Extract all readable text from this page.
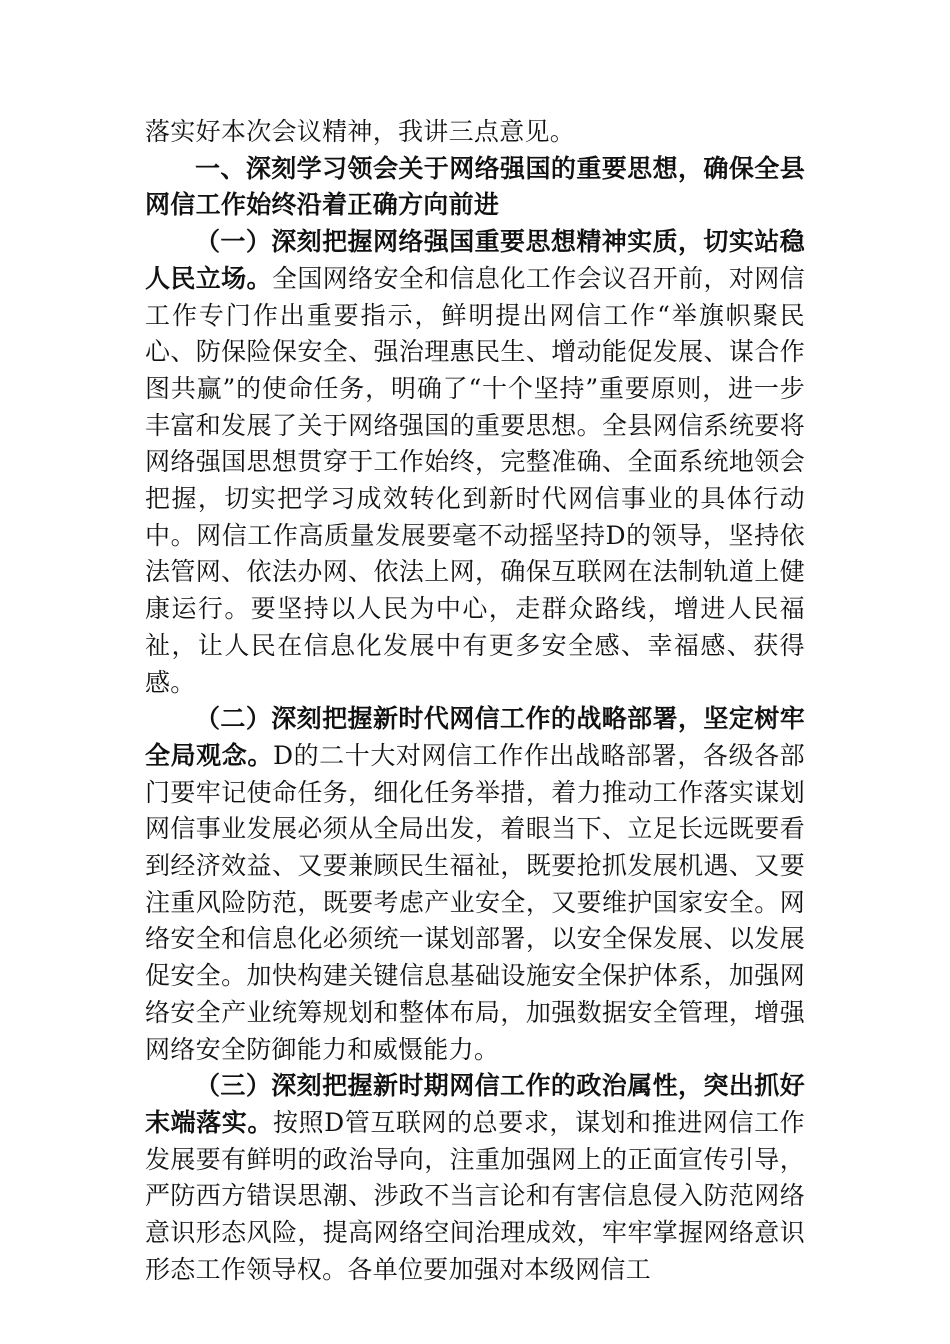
落实好本次会议精神，我讲三点意见。

一、深刻学习领会关于网络强国的重要思想，确保全县网信工作始终沿着正确方向前进

（一）深刻把握网络强国重要思想精神实质，切实站稳人民立场。全国网络安全和信息化工作会议召开前，对网信工作专门作出重要指示，鲜明提出网信工作“举旗帜聚民心、防保险保安全、强治理惠民生、增动能促发展、谋合作图共赢”的使命任务，明确了“十个坚持”重要原则，进一步丰富和发展了关于网络强国的重要思想。全县网信系统要将网络强国思想贯穿于工作始终，完整准确、全面系统地领会把握，切实把学习成效转化到新时代网信事业的具体行动中。网信工作高质量发展要毫不动摇坚持D的领导，坚持依法管网、依法办网、依法上网，确保互联网在法制轨道上健康运行。要坚持以人民为中心，走群众路线，增进人民福祉，让人民在信息化发展中有更多安全感、幸福感、获得感。

（二）深刻把握新时代网信工作的战略部署，坚定树牢全局观念。D的二十大对网信工作作出战略部署，各级各部门要牢记使命任务，细化任务举措，着力推动工作落实谋划网信事业发展必须从全局出发，着眼当下、立足长远既要看到经济效益、又要兼顾民生福祉，既要抢抓发展机遇、又要注重风险防范，既要考虑产业安全，又要维护国家安全。网络安全和信息化必须统一谋划部署，以安全保发展、以发展促安全。加快构建关键信息基础设施安全保护体系，加强网络安全产业统筹规划和整体布局，加强数据安全管理，增强网络安全防御能力和威慑能力。

（三）深刻把握新时期网信工作的政治属性，突出抓好末端落实。按照D管互联网的总要求，谋划和推进网信工作发展要有鲜明的政治导向，注重加强网上的正面宣传引导，严防西方错误思潮、涉政不当言论和有害信息侵入防范网络意识形态风险，提高网络空间治理成效，牢牢掌握网络意识形态工作领导权。各单位要加强对本级网信工
